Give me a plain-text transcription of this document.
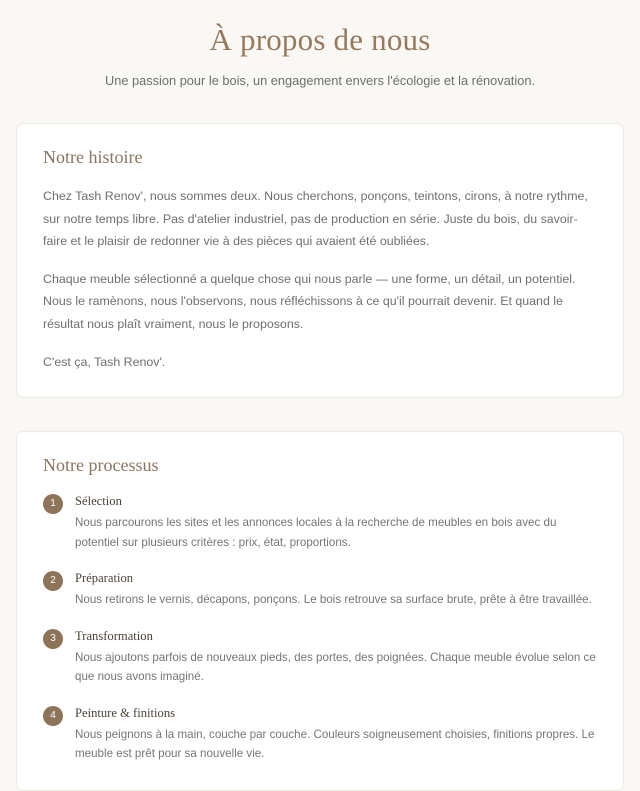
À propos de nous

Une passion pour le bois, un engagement envers l'écologie et la rénovation.

Notre histoire

Chez Tash Renov', nous sommes deux. Nous cherchons, ponçons, teintons, cirons, à notre rythme, sur notre temps libre. Pas d'atelier industriel, pas de production en série. Juste du bois, du savoir-faire et le plaisir de redonner vie à des pièces qui avaient été oubliées.

Chaque meuble sélectionné a quelque chose qui nous parle — une forme, un détail, un potentiel. Nous le ramènons, nous l'observons, nous réfléchissons à ce qu'il pourrait devenir. Et quand le résultat nous plaît vraiment, nous le proposons.

C'est ça, Tash Renov'.

Notre processus
1	Sélection

Nous parcourons les sites et les annonces locales à la recherche de meubles en bois avec du potentiel sur plusieurs critères : prix, état, proportions.

2	Préparation

Nous retirons le vernis, décapons, ponçons. Le bois retrouve sa surface brute, prête à être travaillée.

3	Transformation

Nous ajoutons parfois de nouveaux pieds, des portes, des poignées. Chaque meuble évolue selon ce que nous avons imaginé.

4	Peinture & finitions

Nous peignons à la main, couche par couche. Couleurs soigneusement choisies, finitions propres. Le meuble est prêt pour sa nouvelle vie.
